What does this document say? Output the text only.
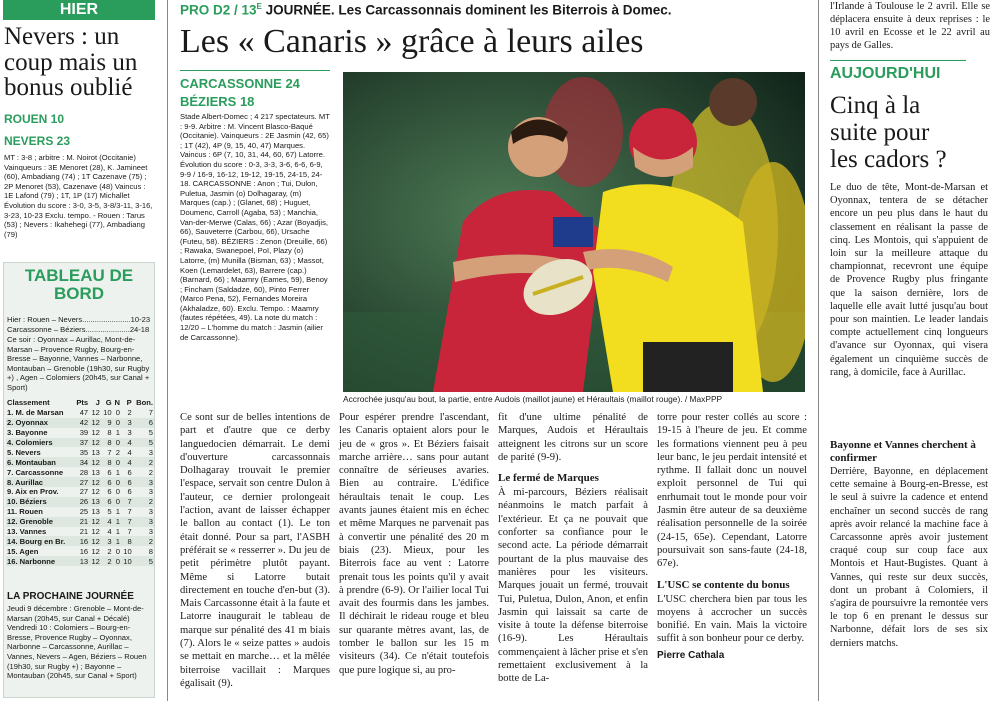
HIER
Nevers : un coup mais un bonus oublié
ROUEN 10
NEVERS 23
MT : 3-8 ; arbitre : M. Noirot (Occitanie) Vainqueurs : 3E Menoret (28), K. Jamineet (60), Ambadiang (74) ; 1T Cazenave (75) ; 2P Menoret (53), Cazenave (48) Vaincus : 1E Lafond (79) ; 1T, 1P (17) Michallet Évolution du score : 3-0, 3-5, 3-8/3-11, 3-16, 3-23, 10-23 Exclu. tempo. - Rouen : Tarus (53) ; Nevers : Ikahehegi (77), Ambadiang (79)
TABLEAU DE BORD
Hier : Rouen – Nevers.......................10-23 Carcassonne – Béziers.....................24-18
Ce soir : Oyonnax – Aurillac, Mont-de-Marsan – Provence Rugby, Bourg-en-Bresse – Bayonne, Vannes – Narbonne, Montauban – Grenoble (19h30, sur Rugby +) , Agen – Colomiers (20h45, sur Canal + Sport)
Classement	Pts	J	G	N	P	Bon.
1. M. de Marsan	47	12	10	0	2	7
2. Oyonnax	42	12	9	0	3	6
3. Bayonne	39	12	8	1	3	5
4. Colomiers	37	12	8	0	4	5
5. Nevers	35	13	7	2	4	3
6. Montauban	34	12	8	0	4	2
7. Carcassonne	28	13	6	1	6	2
8. Aurillac	27	12	6	0	6	3
9. Aix en Prov.	27	12	6	0	6	3
10. Béziers	26	13	6	0	7	2
11. Rouen	25	13	5	1	7	3
12. Grenoble	21	12	4	1	7	3
13. Vannes	21	12	4	1	7	3
14. Bourg en Br.	16	12	3	1	8	2
15. Agen	16	12	2	0	10	8
16. Narbonne	13	12	2	0	10	5
LA PROCHAINE JOURNÉE
Jeudi 9 décembre : Grenoble – Mont-de-Marsan (20h45, sur Canal + Décalé) Vendredi 10 : Colomiers – Bourg-en-Bresse, Provence Rugby – Oyonnax, Narbonne – Carcassonne, Aurillac – Vannes, Nevers – Agen, Béziers – Rouen (19h30, sur Rugby +) ; Bayonne – Montauban (20h45, sur Canal + Sport)
PRO $D2 / 13^E$ JOURNÉE. Les Carcassonnais dominent les Biterrois à Domec.
Les « Canaris » grâce à leurs ailes
CARCASSONNE 24
BÉZIERS 18
Stade Albert-Domec ; 4 217 spectateurs. MT : 9-9. Arbitre : M. Vincent Blasco-Baqué (Occitanie). Vainqueurs : 2E Jasmin (42, 65) ; 1T (42), 4P (9, 15, 40, 47) Marques. Vaincus : 6P (7, 10, 31, 44, 60, 67) Latorre. Évolution du score : 0-3, 3-3, 3-6, 6-6, 6-9, 9-9 / 16-9, 16-12, 19-12, 19-15, 24-15, 24-18. CARCASSONNE : Anon ; Tui, Dulon, Puletua, Jasmin (o) Dolhagaray, (m) Marques (cap.) ; (Glanet, 68) ; Huguet, Doumenc, Carroll (Agaba, 53) ; Manchia, Van-der-Merwe (Calas, 66) ; Azar (Boyadjis, 66), Sauveterre (Carbou, 66), Ursache (Futeu, 58). BÉZIERS : Zenon (Dreuille, 66) ; Rawaka, Swanepoel, Poï, Plazy (o) Latorre, (m) Munilla (Bisman, 63) ; Massot, Koen (Lemardelet, 63), Barrere (cap.) (Barnard, 66) ; Maamry (Eames, 59), Benoy ; Fincham (Saldadze, 60), Pinto Ferrer (Marco Pena, 52), Fernandes Moreira (Akhaladze, 60). Exclu. Tempo. : Maamry (fautes répétées, 49). La note du match : 12/20 – L'homme du match : Jasmin (ailier de Carcassonne).
Accrochée jusqu'au bout, la partie, entre Audois (maillot jaune) et Héraultais (maillot rouge). / MaxPPP
Ce sont sur de belles intentions de part et d'autre que ce derby languedocien démarrait. Le demi d'ouverture carcassonnais Dolhagaray trouvait le premier l'espace, servait son centre Dulon à l'auteur, ce dernier prolongeait l'action, avant de laisser échapper le ballon au contact (1). Le ton était donné. Pour sa part, l'ASBH préférait se « resserrer ». Du jeu de petit périmètre plutôt payant. Même si Latorre butait directement en touche d'en-but (3). Mais Carcassonne était à la faute et Latorre inaugurait le tableau de marque sur pénalité des 41 m biais (7). Alors le « seize pattes » audois se mettait en marche… et la mêlée biterroise vacillait : Marques égalisait (9).
Pour espérer prendre l'ascendant, les Canaris optaient alors pour le jeu de « gros ». Et Béziers faisait marche arrière… sans pour autant connaître de sérieuses avaries. Bien au contraire. L'édifice héraultais tenait le coup. Les avants jaunes étaient mis en échec et même Marques ne parvenait pas à convertir une pénalité des 20 m biais (23). Mieux, pour les Biterrois face au vent : Latorre prenait tous les points qu'il y avait à prendre (6-9). Or l'ailier local Tui avait des fourmis dans les jambes. Il déchirait le rideau rouge et bleu sur quarante mètres avant, las, de tomber le ballon sur les 15 m visiteurs (34). Ce n'était toutefois que pure logique si, au pro-
fit d'une ultime pénalité de Marques, Audois et Héraultais atteignent les citrons sur un score de parité (9-9).
Le fermé de Marques
À mi-parcours, Béziers réalisait néanmoins le match parfait à l'extérieur. Et ça ne pouvait que conforter sa confiance pour le second acte. La période démarrait pourtant de la plus mauvaise des manières pour les visiteurs. Marques jouait un fermé, trouvait Tui, Puletua, Dulon, Anon, et enfin Jasmin qui laissait sa carte de visite à toute la défense biterroise (16-9). Les Héraultais commençaient à lâcher prise et s'en remettaient exclusivement à la botte de La-
torre pour rester collés au score : 19-15 à l'heure de jeu. Et comme les formations viennent peu à peu leur banc, le jeu perdait intensité et rythme. Il fallait donc un nouvel exploit personnel de Tui qui enrhumait tout le monde pour voir Jasmin être auteur de sa deuxième réalisation personnelle de la soirée (24-15, 65e). Cependant, Latorre poursuivait son sans-faute (24-18, 67e).
L'USC se contente du bonus
L'USC cherchera bien par tous les moyens à accrocher un succès bonifié. En vain. Mais la victoire suffit à son bonheur pour ce derby.
Pierre Cathala
l'Irlande à Toulouse le 2 avril. Elle se déplacera ensuite à deux reprises : le 10 avril en Ecosse et le 22 avril au pays de Galles.
AUJOURD'HUI
Cinq à la suite pour les cadors ?
Le duo de tête, Mont-de-Marsan et Oyonnax, tentera de se détacher encore un peu plus dans le haut du classement en réalisant la passe de cinq. Les Montois, qui s'appuient de loin sur la meilleure attaque du championnat, recevront une équipe de Provence Rugby plus fringante que la saison dernière, lors de laquelle elle avait lutté jusqu'au bout pour son maintien. Le leader landais compte actuellement cinq longueurs d'avance sur Oyonnax, qui visera également un cinquième succès de rang, à domicile, face à Aurillac.
Bayonne et Vannes cherchent à confirmer
Derrière, Bayonne, en déplacement cette semaine à Bourg-en-Bresse, est le seul à suivre la cadence et entend enchaîner un second succès de rang après avoir relancé la machine face à Carcassonne après avoir justement craqué coup sur coup face aux Montois et Haut-Bugistes. Quant à Vannes, qui reste sur deux succès, dont un probant à Colomiers, il s'agira de poursuivre la remontée vers le top 6 en prenant le dessus sur Narbonne, défait lors de ses six derniers matchs.
